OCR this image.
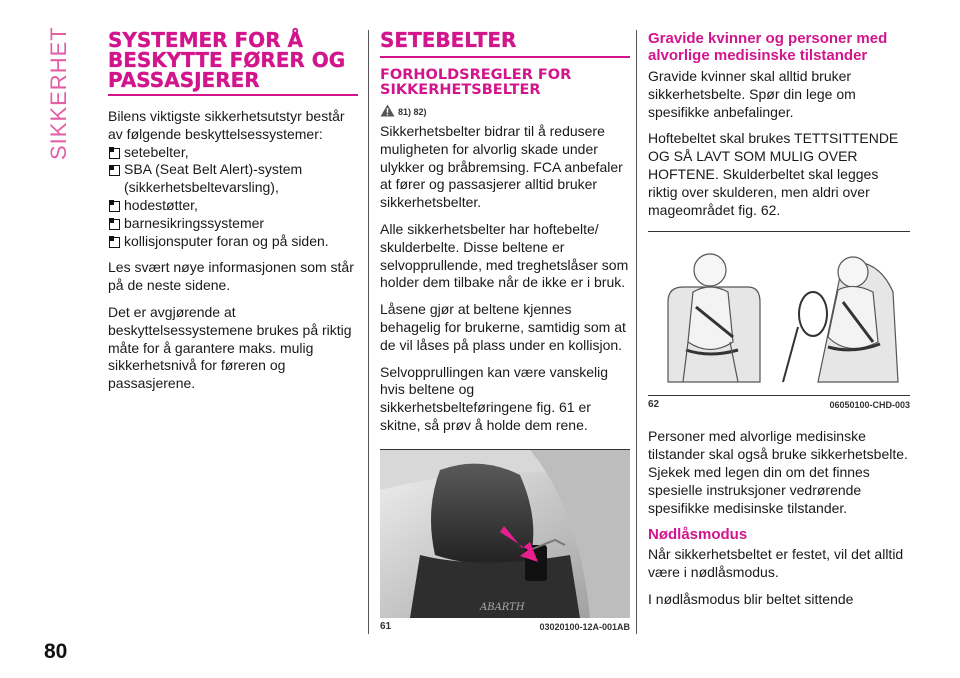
SIKKERHET SYSTEMER FOR Å BESKYTTE FØRER OG PASSASJERER

Bilens viktigste sikkerhetsutstyr består av følgende beskyttelsessystemer:

setebelter,
SBA (Seat Belt Alert)-system (sikkerhetsbeltevarsling),
hodestøtter,
barnesikringssystemer
kollisjonsputer foran og på siden.

Les svært nøye informasjonen som står på de neste sidene.

Det er avgjørende at beskyttelsessystemene brukes på riktig måte for å garantere maks. mulig sikkerhetsnivå for føreren og passasjerene.

SETEBELTER
FORHOLDSREGLER FOR SIKKERHETSBELTER
81) 82)

Sikkerhetsbelter bidrar til å redusere muligheten for alvorlig skade under ulykker og bråbremsing. FCA anbefaler at fører og passasjerer alltid bruker sikkerhetsbelter.

Alle sikkerhetsbelter har hoftebelte/ skulderbelte. Disse beltene er selvopprullende, med treghetslåser som holder dem tilbake når de ikke er i bruk.

Låsene gjør at beltene kjennes behagelig for brukerne, samtidig som at de vil låses på plass under en kollisjon.

Selvopprullingen kan være vanskelig hvis beltene og sikkerhetsbelteføringene fig. 61 er skitne, så prøv å holde dem rene.

ABARTH
61	03020100-12A-001AB
Gravide kvinner og personer med alvorlige medisinske tilstander

Gravide kvinner skal alltid bruker sikkerhetsbelte. Spør din lege om spesifikke anbefalinger.

Hoftebeltet skal brukes TETTSITTENDE OG SÅ LAVT SOM MULIG OVER HOFTENE. Skulderbeltet skal legges riktig over skulderen, men aldri over mageområdet fig. 62.

62	06050100-CHD-003

Personer med alvorlige medisinske tilstander skal også bruke sikkerhetsbelte. Sjekek med legen din om det finnes spesielle instruksjoner vedrørende spesifikke medisinske tilstander.

Nødlåsmodus

Når sikkerhetsbeltet er festet, vil det alltid være i nødlåsmodus.

I nødlåsmodus blir beltet sittende

80
